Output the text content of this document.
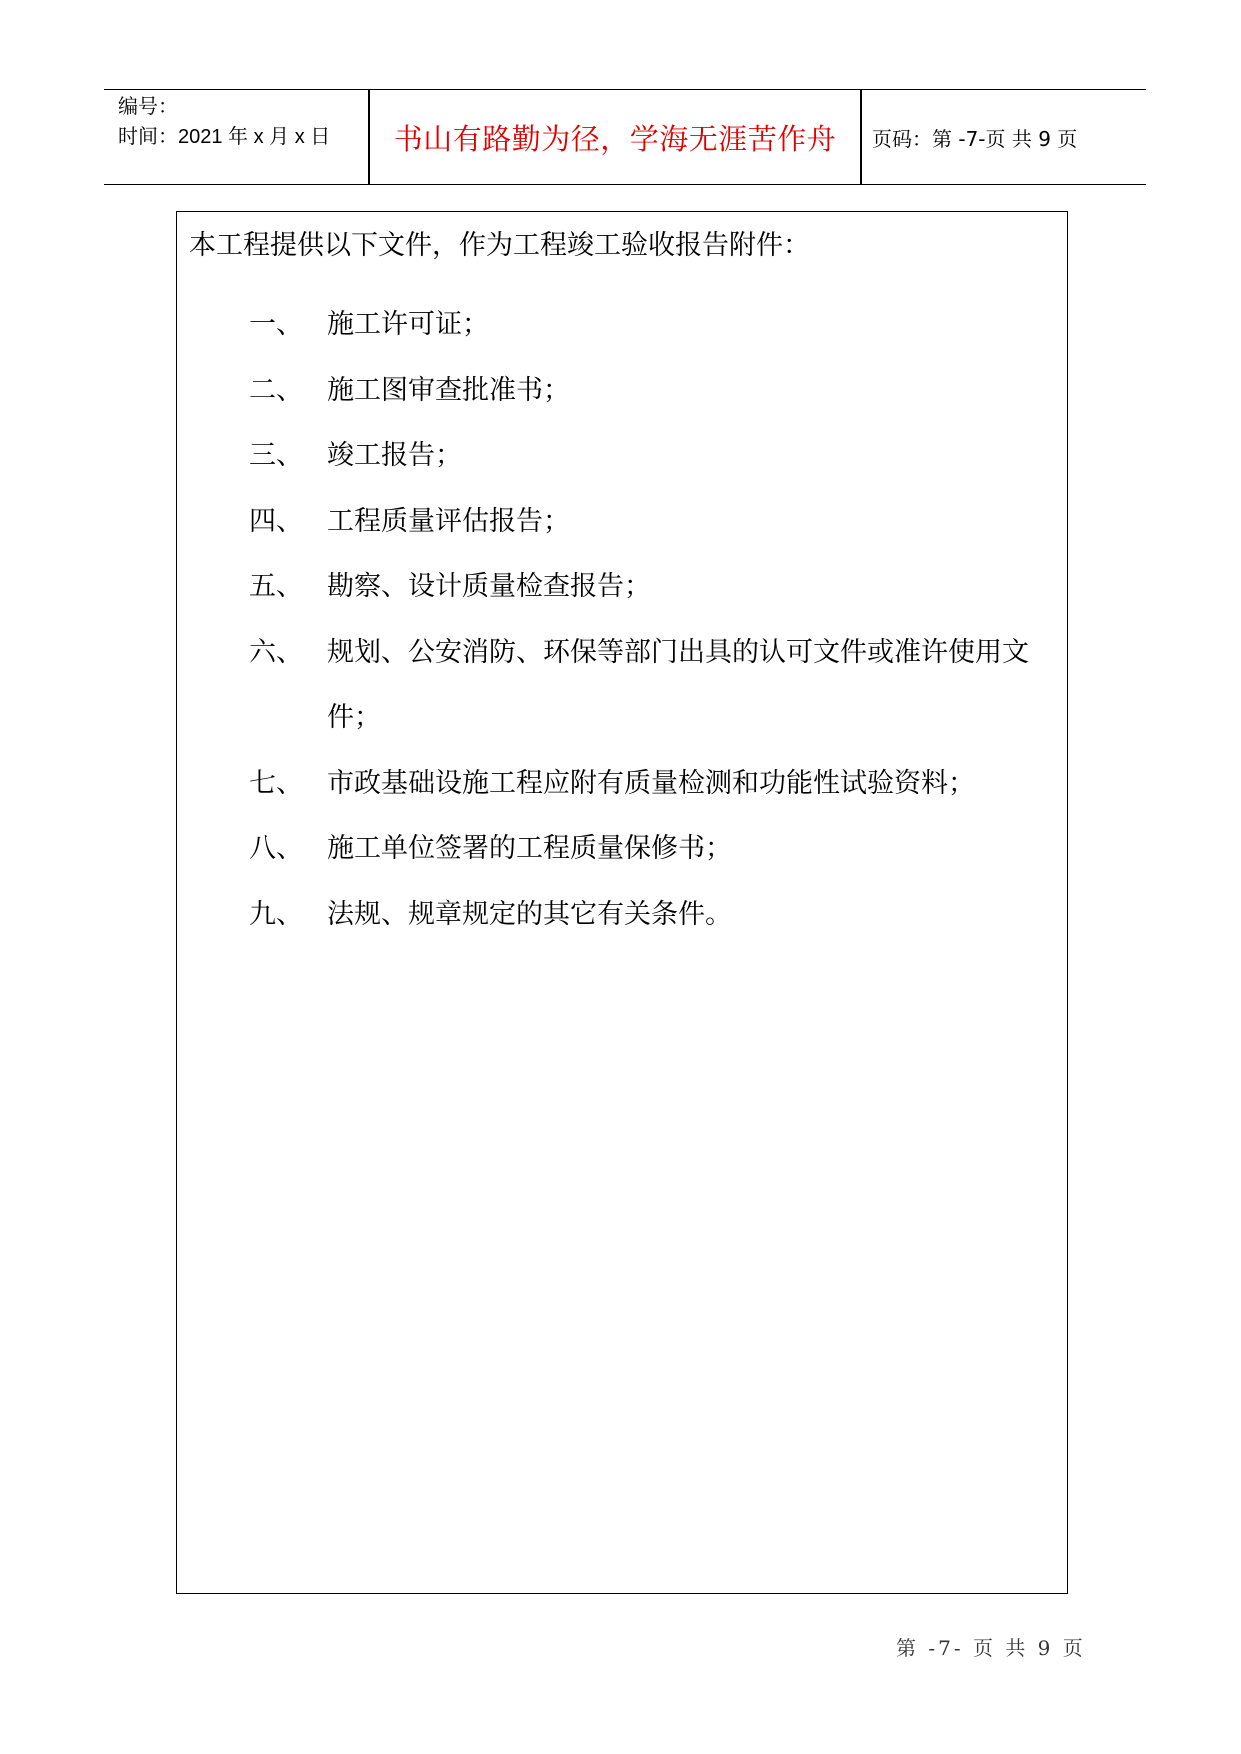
编号：
时间：2021 年 x 月 x 日	书山有路勤为径，学海无涯苦作舟	页码：第 -7-页 共 9 页
本工程提供以下文件，作为工程竣工验收报告附件：
一、 施工许可证；
二、 施工图审查批准书；
三、 竣工报告；
四、 工程质量评估报告；
五、 勘察、设计质量检查报告；
六、 规划、公安消防、环保等部门出具的认可文件或准许使用文件；
七、 市政基础设施工程应附有质量检测和功能性试验资料；
八、 施工单位签署的工程质量保修书；
九、 法规、规章规定的其它有关条件。
第 -7- 页 共 9 页
